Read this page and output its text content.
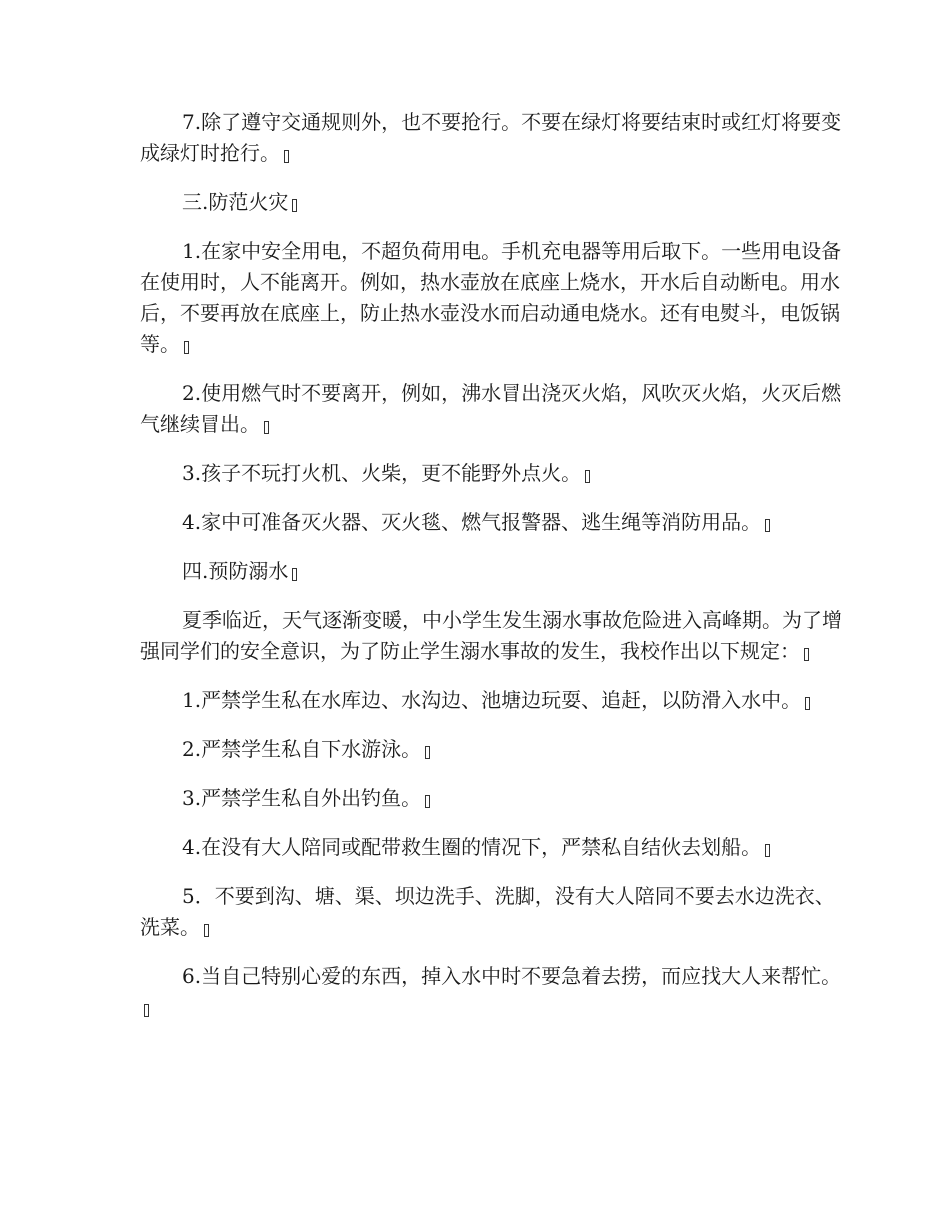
7.除了遵守交通规则外，也不要抢行。不要在绿灯将要结束时或红灯将要变成绿灯时抢行。

三.防范火灾

1.在家中安全用电，不超负荷用电。手机充电器等用后取下。一些用电设备在使用时，人不能离开。例如，热水壶放在底座上烧水，开水后自动断电。用水后，不要再放在底座上，防止热水壶没水而启动通电烧水。还有电熨斗，电饭锅等。

2.使用燃气时不要离开，例如，沸水冒出浇灭火焰，风吹灭火焰，火灭后燃气继续冒出。

3.孩子不玩打火机、火柴，更不能野外点火。

4.家中可准备灭火器、灭火毯、燃气报警器、逃生绳等消防用品。

四.预防溺水

夏季临近，天气逐渐变暖，中小学生发生溺水事故危险进入高峰期。为了增强同学们的安全意识，为了防止学生溺水事故的发生，我校作出以下规定：

1.严禁学生私在水库边、水沟边、池塘边玩耍、追赶，以防滑入水中。

2.严禁学生私自下水游泳。

3.严禁学生私自外出钓鱼。

4.在没有大人陪同或配带救生圈的情况下，严禁私自结伙去划船。

5．不要到沟、塘、渠、坝边洗手、洗脚，没有大人陪同不要去水边洗衣、洗菜。

6.当自己特别心爱的东西，掉入水中时不要急着去捞，而应找大人来帮忙。
